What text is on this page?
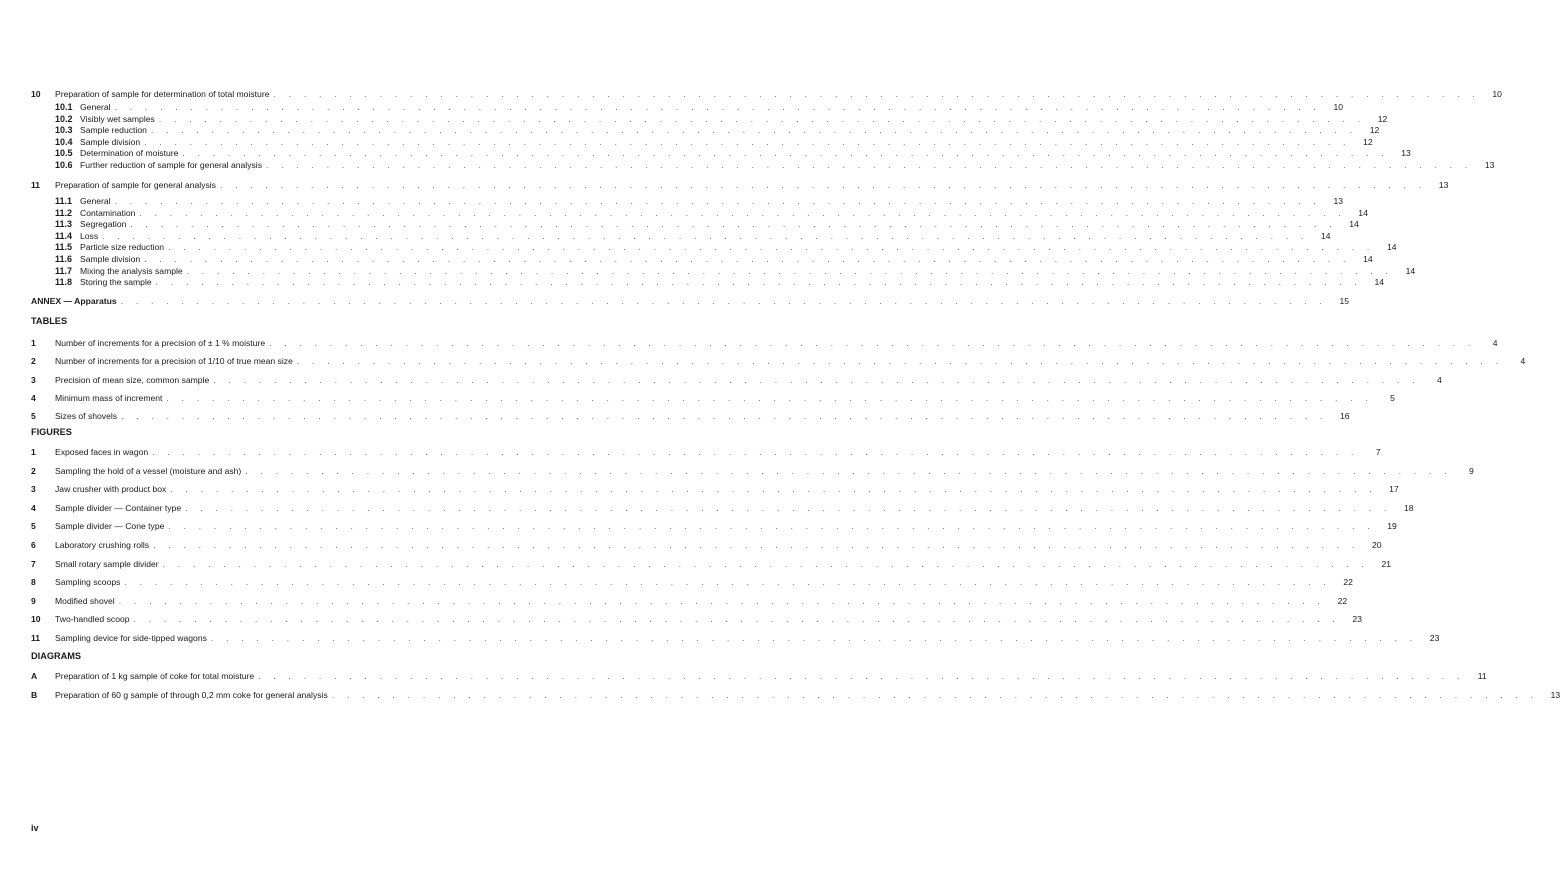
10	Preparation of sample for determination of total moisture . . . . . . . . . . . . . . . . . . . . . . . . . . . . . . . . . . . . . . . . . . . . . . . . . . . . . . . . . . . . . . . . . . . . . . . . . . . . . . . .	10
10.1 General . . . . . . . . . . . . . . . . . . . . . . . . . . . . . . . . . . . . . . . . . . . . . . . . . . . . . . . . . . . . . . . . . . . . . . . . . . . . . . . .	10
10.2 Visibly wet samples . . . . . . . . . . . . . . . . . . . . . . . . . . . . . . . . . . . . . . . . . . . . . . . . . . . . . . . . . . . . . . . . . . . . . . . . . . . . . . . .	12
10.3 Sample reduction . . . . . . . . . . . . . . . . . . . . . . . . . . . . . . . . . . . . . . . . . . . . . . . . . . . . . . . . . . . . . . . . . . . . . . . . . . . . . . . .	12
10.4 Sample division . . . . . . . . . . . . . . . . . . . . . . . . . . . . . . . . . . . . . . . . . . . . . . . . . . . . . . . . . . . . . . . . . . . . . . . . . . . . . . . .	12
10.5 Determination of moisture . . . . . . . . . . . . . . . . . . . . . . . . . . . . . . . . . . . . . . . . . . . . . . . . . . . . . . . . . . . . . . . . . . . . . . . . . . . . . . . .	13
10.6 Further reduction of sample for general analysis . . . . . . . . . . . . . . . . . . . . . . . . . . . . . . . . . . . . . . . . . . . . . . . . . . . . . . . . . . . . . . . . . . . . . . . . . . . . . . . .	13
11	Preparation of sample for general analysis . . . . . . . . . . . . . . . . . . . . . . . . . . . . . . . . . . . . . . . . . . . . . . . . . . . . . . . . . . . . . . . . . . . . . . . . . . . . . . . .	13
11.1 General . . . . . . . . . . . . . . . . . . . . . . . . . . . . . . . . . . . . . . . . . . . . . . . . . . . . . . . . . . . . . . . . . . . . . . . . . . . . . . . .	13
11.2 Contamination . . . . . . . . . . . . . . . . . . . . . . . . . . . . . . . . . . . . . . . . . . . . . . . . . . . . . . . . . . . . . . . . . . . . . . . . . . . . . . . .	14
11.3 Segregation . . . . . . . . . . . . . . . . . . . . . . . . . . . . . . . . . . . . . . . . . . . . . . . . . . . . . . . . . . . . . . . . . . . . . . . . . . . . . . . .	14
11.4 Loss . . . . . . . . . . . . . . . . . . . . . . . . . . . . . . . . . . . . . . . . . . . . . . . . . . . . . . . . . . . . . . . . . . . . . . . . . . . . . . . .	14
11.5 Particle size reduction . . . . . . . . . . . . . . . . . . . . . . . . . . . . . . . . . . . . . . . . . . . . . . . . . . . . . . . . . . . . . . . . . . . . . . . . . . . . . . . .	14
11.6 Sample division . . . . . . . . . . . . . . . . . . . . . . . . . . . . . . . . . . . . . . . . . . . . . . . . . . . . . . . . . . . . . . . . . . . . . . . . . . . . . . . .	14
11.7 Mixing the analysis sample . . . . . . . . . . . . . . . . . . . . . . . . . . . . . . . . . . . . . . . . . . . . . . . . . . . . . . . . . . . . . . . . . . . . . . . . . . . . . . . .	14
11.8 Storing the sample . . . . . . . . . . . . . . . . . . . . . . . . . . . . . . . . . . . . . . . . . . . . . . . . . . . . . . . . . . . . . . . . . . . . . . . . . . . . . . . .	14
ANNEX — Apparatus . . . . . . . . . . . . . . . . . . . . . . . . . . . . . . . . . . . . . . . . . . . . . . . . . . . . . . . . . . . . . . . . . . . . . . . . . . . . . . . .	15
1	Number of increments for a precision of ± 1 % moisture . . . . . . . . . . . . . . . . . . . . . . . . . . . . . . . . . . . . . . . . . . . . . . . . . . . . . . . . . . . . . . . . . . . . . . . . . . . . . . . .	4
2	Number of increments for a precision of 1/10 of true mean size . . . . . . . . . . . . . . . . . . . . . . . . . . . . . . . . . . . . . . . . . . . . . . . . . . . . . . . . . . . . . . . . . . . . . . . . . . . . . . . .	4
3	Precision of mean size, common sample . . . . . . . . . . . . . . . . . . . . . . . . . . . . . . . . . . . . . . . . . . . . . . . . . . . . . . . . . . . . . . . . . . . . . . . . . . . . . . . .	4
4	Minimum mass of increment . . . . . . . . . . . . . . . . . . . . . . . . . . . . . . . . . . . . . . . . . . . . . . . . . . . . . . . . . . . . . . . . . . . . . . . . . . . . . . . .	5
5	Sizes of shovels . . . . . . . . . . . . . . . . . . . . . . . . . . . . . . . . . . . . . . . . . . . . . . . . . . . . . . . . . . . . . . . . . . . . . . . . . . . . . . . .	16
1	Exposed faces in wagon . . . . . . . . . . . . . . . . . . . . . . . . . . . . . . . . . . . . . . . . . . . . . . . . . . . . . . . . . . . . . . . . . . . . . . . . . . . . . . . .	7
2	Sampling the hold of a vessel (moisture and ash) . . . . . . . . . . . . . . . . . . . . . . . . . . . . . . . . . . . . . . . . . . . . . . . . . . . . . . . . . . . . . . . . . . . . . . . . . . . . . . . .	9
3	Jaw crusher with product box . . . . . . . . . . . . . . . . . . . . . . . . . . . . . . . . . . . . . . . . . . . . . . . . . . . . . . . . . . . . . . . . . . . . . . . . . . . . . . . .	17
4	Sample divider — Container type . . . . . . . . . . . . . . . . . . . . . . . . . . . . . . . . . . . . . . . . . . . . . . . . . . . . . . . . . . . . . . . . . . . . . . . . . . . . . . . .	18
5	Sample divider — Cone type . . . . . . . . . . . . . . . . . . . . . . . . . . . . . . . . . . . . . . . . . . . . . . . . . . . . . . . . . . . . . . . . . . . . . . . . . . . . . . . .	19
6	Laboratory crushing rolls . . . . . . . . . . . . . . . . . . . . . . . . . . . . . . . . . . . . . . . . . . . . . . . . . . . . . . . . . . . . . . . . . . . . . . . . . . . . . . . .	20
7	Small rotary sample divider . . . . . . . . . . . . . . . . . . . . . . . . . . . . . . . . . . . . . . . . . . . . . . . . . . . . . . . . . . . . . . . . . . . . . . . . . . . . . . . .	21
8	Sampling scoops . . . . . . . . . . . . . . . . . . . . . . . . . . . . . . . . . . . . . . . . . . . . . . . . . . . . . . . . . . . . . . . . . . . . . . . . . . . . . . . .	22
9	Modified shovel . . . . . . . . . . . . . . . . . . . . . . . . . . . . . . . . . . . . . . . . . . . . . . . . . . . . . . . . . . . . . . . . . . . . . . . . . . . . . . . .	22
10	Two-handled scoop . . . . . . . . . . . . . . . . . . . . . . . . . . . . . . . . . . . . . . . . . . . . . . . . . . . . . . . . . . . . . . . . . . . . . . . . . . . . . . . .	23
11	Sampling device for side-tipped wagons . . . . . . . . . . . . . . . . . . . . . . . . . . . . . . . . . . . . . . . . . . . . . . . . . . . . . . . . . . . . . . . . . . . . . . . . . . . . . . . .	23
A	Preparation of 1 kg sample of coke for total moisture . . . . . . . . . . . . . . . . . . . . . . . . . . . . . . . . . . . . . . . . . . . . . . . . . . . . . . . . . . . . . . . . . . . . . . . . . . . . . . . .	11
B	Preparation of 60 g sample of through 0,2 mm coke for general analysis . . . . . . . . . . . . . . . . . . . . . . . . . . . . . . . . . . . . . . . . . . . . . . . . . . . . . . . . . . . . . . . . . . . . . . . . . . . . . . . .	13
TABLES
FIGURES
DIAGRAMS
iv
